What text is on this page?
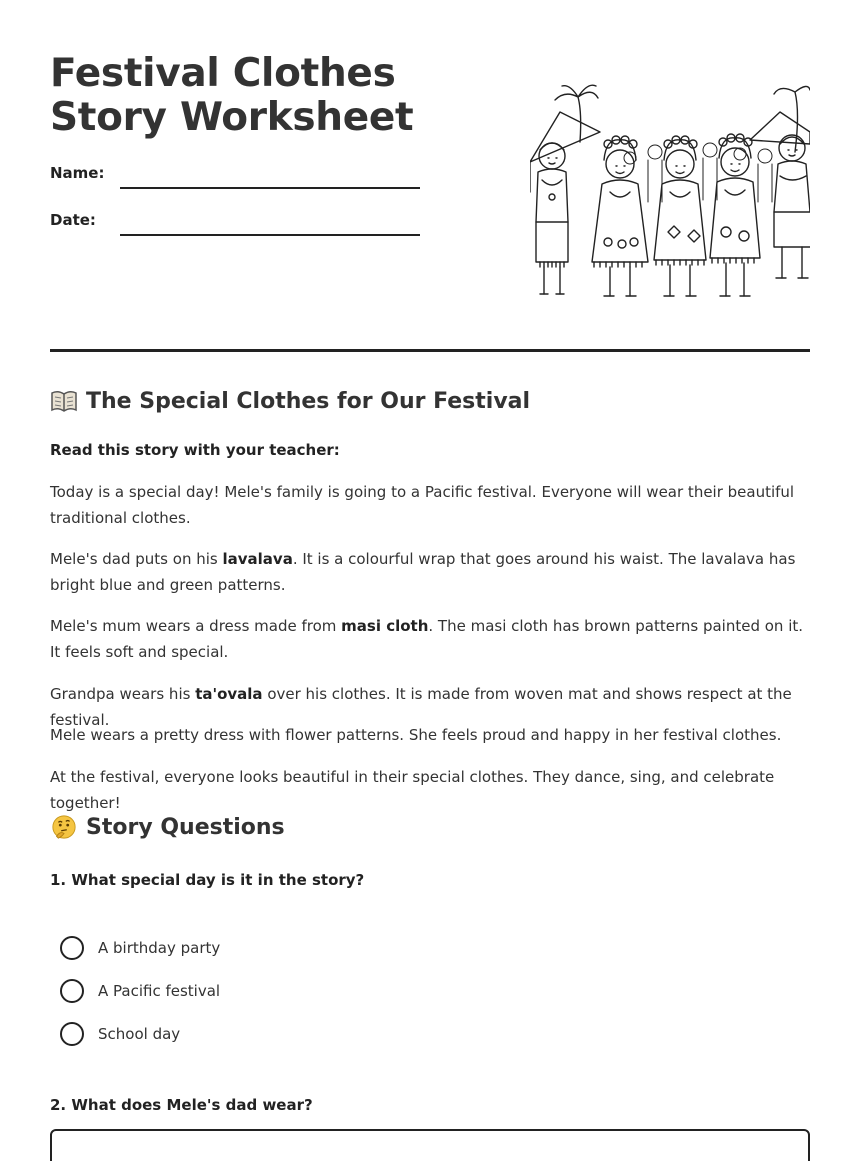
Festival Clothes Story Worksheet
Name:
Date:
The Special Clothes for Our Festival

Read this story with your teacher:

Today is a special day! Mele's family is going to a Pacific festival. Everyone will wear their beautiful traditional clothes.

Mele's dad puts on his lavalava. It is a colourful wrap that goes around his waist. The lavalava has bright blue and green patterns.

Mele's mum wears a dress made from masi cloth. The masi cloth has brown patterns painted on it. It feels soft and special.

Grandpa wears his ta'ovala over his clothes. It is made from woven mat and shows respect at the festival.

Mele wears a pretty dress with flower patterns. She feels proud and happy in her festival clothes.

At the festival, everyone looks beautiful in their special clothes. They dance, sing, and celebrate together!

Story Questions

1. What special day is it in the story?

A birthday party
A Pacific festival
School day

2. What does Mele's dad wear?
